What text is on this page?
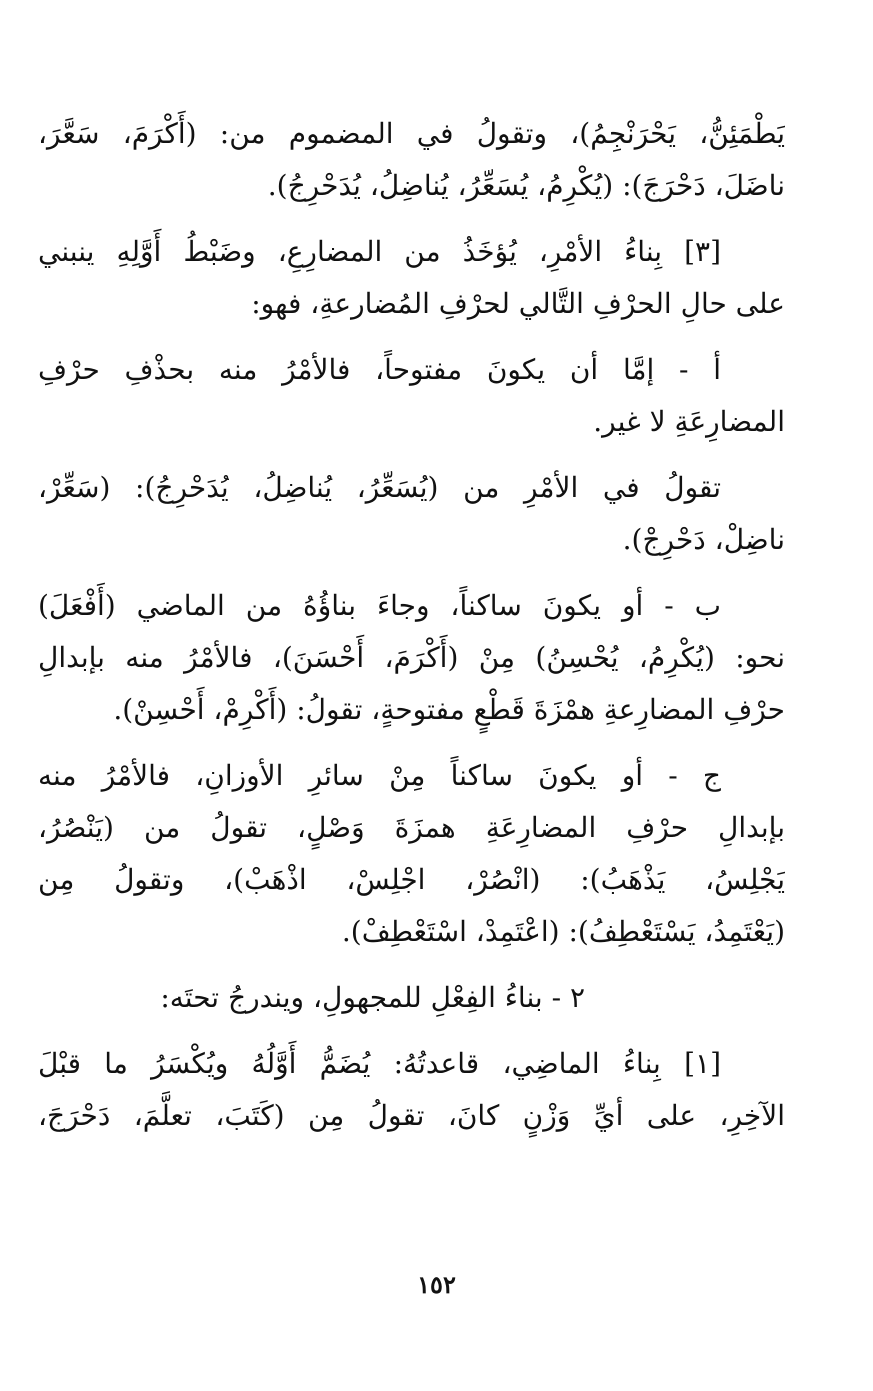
يَطْمَئِنُّ، يَحْرَنْجِمُ)، وتقولُ في المضموم من: (أَكْرَمَ، سَعَّرَ،
ناضَلَ، دَحْرَجَ): (يُكْرِمُ، يُسَعِّرُ، يُناضِلُ، يُدَحْرِجُ).
[٣] بِناءُ الأمْرِ، يُؤخَذُ من المضارِعِ، وضَبْطُ أَوَّلِهِ ينبني
على حالِ الحرْفِ التَّالي لحرْفِ المُضارعةِ، فهو:
أ - إمَّا أن يكونَ مفتوحاً، فالأمْرُ منه بحذْفِ حرْفِ
المضارِعَةِ لا غير.
تقولُ في الأمْرِ من (يُسَعِّرُ، يُناضِلُ، يُدَحْرِجُ): (سَعِّرْ،
ناضِلْ، دَحْرِجْ).
ب - أو يكونَ ساكناً، وجاءَ بناؤُهُ من الماضي (أَفْعَلَ)
نحو: (يُكْرِمُ، يُحْسِنُ) مِنْ (أَكْرَمَ، أَحْسَنَ)، فالأمْرُ منه بإبدالِ
حرْفِ المضارِعةِ همْزَةَ قَطْعٍ مفتوحةٍ، تقولُ: (أَكْرِمْ، أَحْسِنْ).
ج - أو يكونَ ساكناً مِنْ سائرِ الأوزانِ، فالأمْرُ منه
بإبدالِ حرْفِ المضارِعَةِ همزَةَ وَصْلٍ، تقولُ من (يَنْصُرُ،
يَجْلِسُ، يَذْهَبُ): (انْصُرْ، اجْلِسْ، اذْهَبْ)، وتقولُ مِن
(يَعْتَمِدُ، يَسْتَعْطِفُ): (اعْتَمِدْ، اسْتَعْطِفْ).
٢ - بناءُ الفِعْلِ للمجهولِ، ويندرجُ تحتَه:
[١] بِناءُ الماضِي، قاعدتُهُ: يُضَمُّ أَوَّلُهُ ويُكْسَرُ ما قبْلَ
الآخِرِ، على أيِّ وَزْنٍ كانَ، تقولُ مِن (كَتَبَ، تعلَّمَ، دَحْرَجَ،
١٥٢
